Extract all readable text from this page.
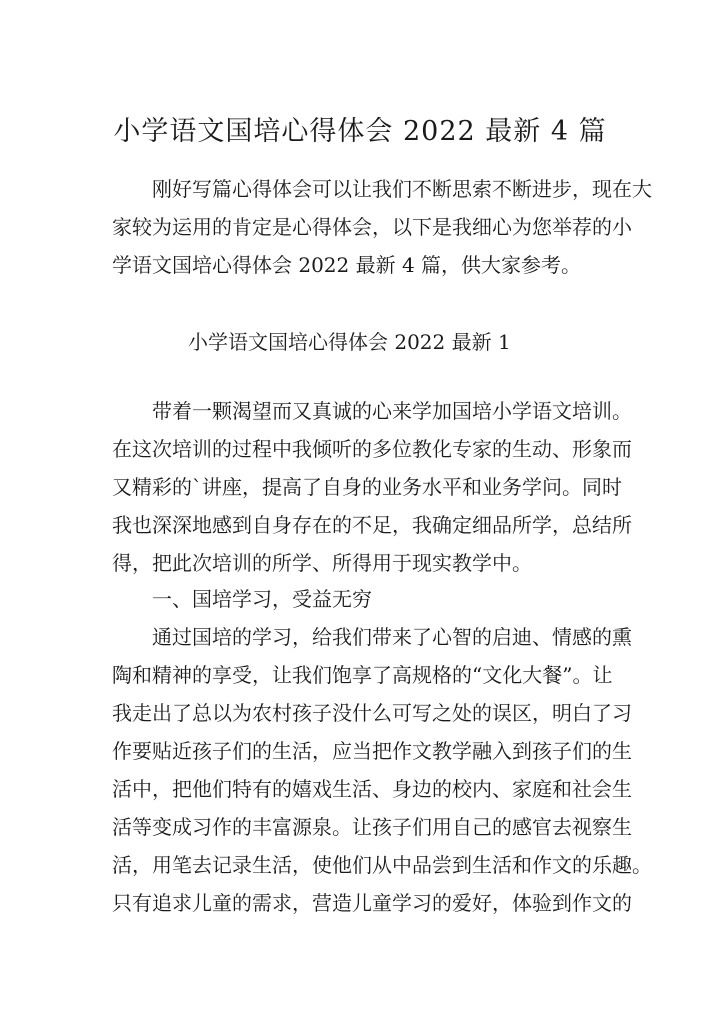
小学语文国培心得体会 2022 最新 4 篇
刚好写篇心得体会可以让我们不断思索不断进步，现在大
家较为运用的肯定是心得体会，以下是我细心为您举荐的小
学语文国培心得体会 2022 最新 4 篇，供大家参考。
小学语文国培心得体会 2022 最新 1
带着一颗渴望而又真诚的心来学加国培小学语文培训。
在这次培训的过程中我倾听的多位教化专家的生动、形象而
又精彩的`讲座，提高了自身的业务水平和业务学问。同时
我也深深地感到自身存在的不足，我确定细品所学，总结所
得，把此次培训的所学、所得用于现实教学中。
一、国培学习，受益无穷
通过国培的学习，给我们带来了心智的启迪、情感的熏
陶和精神的享受，让我们饱享了高规格的“文化大餐”。让
我走出了总以为农村孩子没什么可写之处的误区，明白了习
作要贴近孩子们的生活，应当把作文教学融入到孩子们的生
活中，把他们特有的嬉戏生活、身边的校内、家庭和社会生
活等变成习作的丰富源泉。让孩子们用自己的感官去视察生
活，用笔去记录生活，使他们从中品尝到生活和作文的乐趣。
只有追求儿童的需求，营造儿童学习的爱好，体验到作文的
